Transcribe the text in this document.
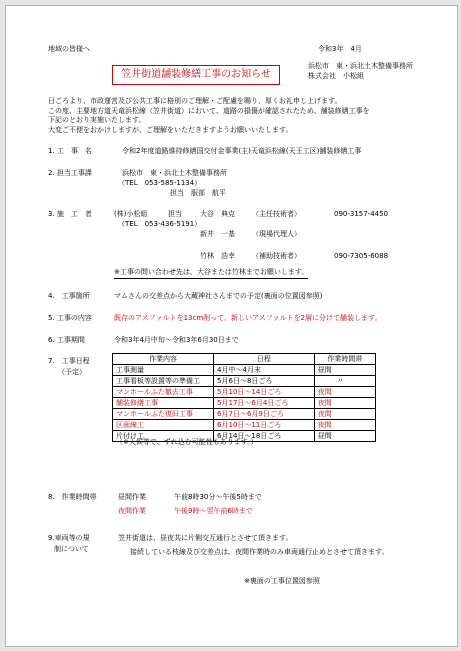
地域の皆様へ	令和3年　4月
笠井街道舗装修繕工事のお知らせ
浜松市　東・浜北土木整備事務所
株式会社　小松組
日ごろより、市政運営及び公共工事に格別のご理解・ご配慮を賜り、厚くお礼申し上げます。
この度、主要地方道天竜浜松線（笠井街道）において、道路の損傷が確認されたため、舗装修繕工事を
下記のとおり実施いたします。
大変ご不便をおかけしますが、ご理解をいただきますようお願いいたします。
1. 工　事　名	令和2年度道路維持修繕国交付金事業(主)天竜浜松線(天王工区)舗装修繕工事
2. 担当工事課	浜松市　東・浜北土木整備事務所
（TEL　053-585-1134）
担当　服部　航平
3. 施　工　者	(株)小松組	担当
（TEL　053-436-5191）
大谷　典克 （主任技術者）	090-3157-4450
新井　一基 （現場代理人）
竹林　浩幸 （補助技術者）	090-7305-6088
※工事の問い合わせ先は、大谷または竹林までお願いします。
4.　工事箇所	マムさんの交差点から大蔵神社さんまでの予定(裏面の位置図参照)
5. 工事の内容	既存のアスファルトを13cm削って、新しいアスファルトを2層に分けて舗装します。
6. 工事期間	令和3年4月中旬～令和3年6月30日まで
7.　工事日程
（予定）
作業内容	日程	作業時間帯
工事測量	4月中～4月末	昼間
工事看板等設置等の準備工	5月6日～8日ごろ	〃
マンホールふた撤去工事	5月10日～14日ごろ	夜間
舗装修繕工事	5月17日～6月4日ごろ	夜間
マンホールふた復旧工事	6月7日～6月9日ごろ	夜間
区画線工	6月10日～11日ごろ	夜間
片付け工	6月14日～18日ごろ	昼間
（※天候等で、ずれ込む可能性もあります。）
8.　作業時間帯	昼間作業	午前8時30分～午後5時まで
夜間作業	午後9時～翌午前6時まで
9.車両等の規
制について
笠井街道は、昼夜共に片側交互通行とさせて頂きます。
接続している枝線及び交差点は、夜間作業時のみ車両通行止めとさせて頂きます。
※裏面の工事位置図参照
